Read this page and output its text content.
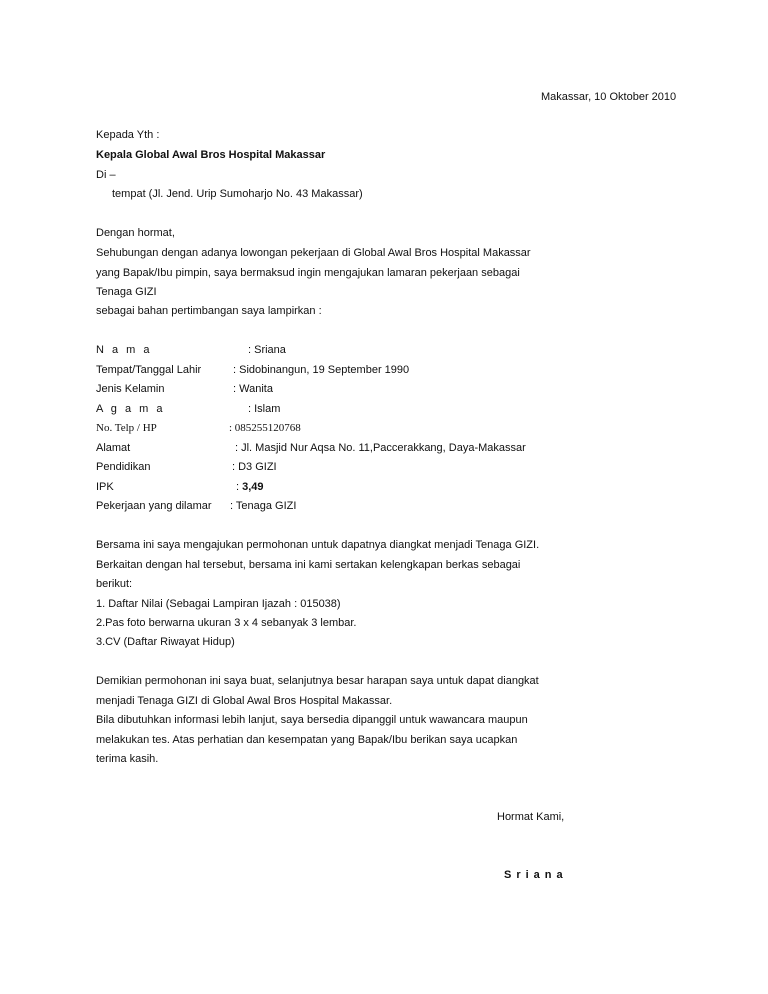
Makassar, 10 Oktober 2010
Kepada Yth :
Kepala Global Awal Bros Hospital Makassar
Di –
tempat (Jl. Jend. Urip Sumoharjo No. 43 Makassar)
Dengan hormat,
Sehubungan dengan adanya lowongan pekerjaan di Global Awal Bros Hospital Makassar
yang Bapak/Ibu pimpin, saya bermaksud ingin mengajukan lamaran pekerjaan sebagai
Tenaga GIZI
sebagai bahan pertimbangan saya lampirkan :
N a m a	: Sriana
Tempat/Tanggal Lahir	: Sidobinangun, 19 September 1990
Jenis Kelamin	: Wanita
A g a m a	: Islam
No. Telp / HP	: 085255120768
Alamat	: Jl. Masjid Nur Aqsa No. 11,Paccerakkang, Daya-Makassar
Pendidikan	: D3 GIZI
IPK	: 3,49
Pekerjaan yang dilamar : Tenaga GIZI
Bersama ini saya mengajukan permohonan untuk dapatnya diangkat menjadi Tenaga GIZI.
Berkaitan dengan hal tersebut, bersama ini kami sertakan kelengkapan berkas sebagai
berikut:
1. Daftar Nilai (Sebagai Lampiran Ijazah : 015038)
2.Pas foto berwarna ukuran 3 x 4 sebanyak 3 lembar.
3.CV (Daftar Riwayat Hidup)
Demikian permohonan ini saya buat, selanjutnya besar harapan saya untuk dapat diangkat
menjadi Tenaga GIZI di Global Awal Bros Hospital Makassar.
Bila dibutuhkan informasi lebih lanjut, saya bersedia dipanggil untuk wawancara maupun
melakukan tes. Atas perhatian dan kesempatan yang Bapak/Ibu berikan saya ucapkan
terima kasih.
Hormat Kami,
Sriana
